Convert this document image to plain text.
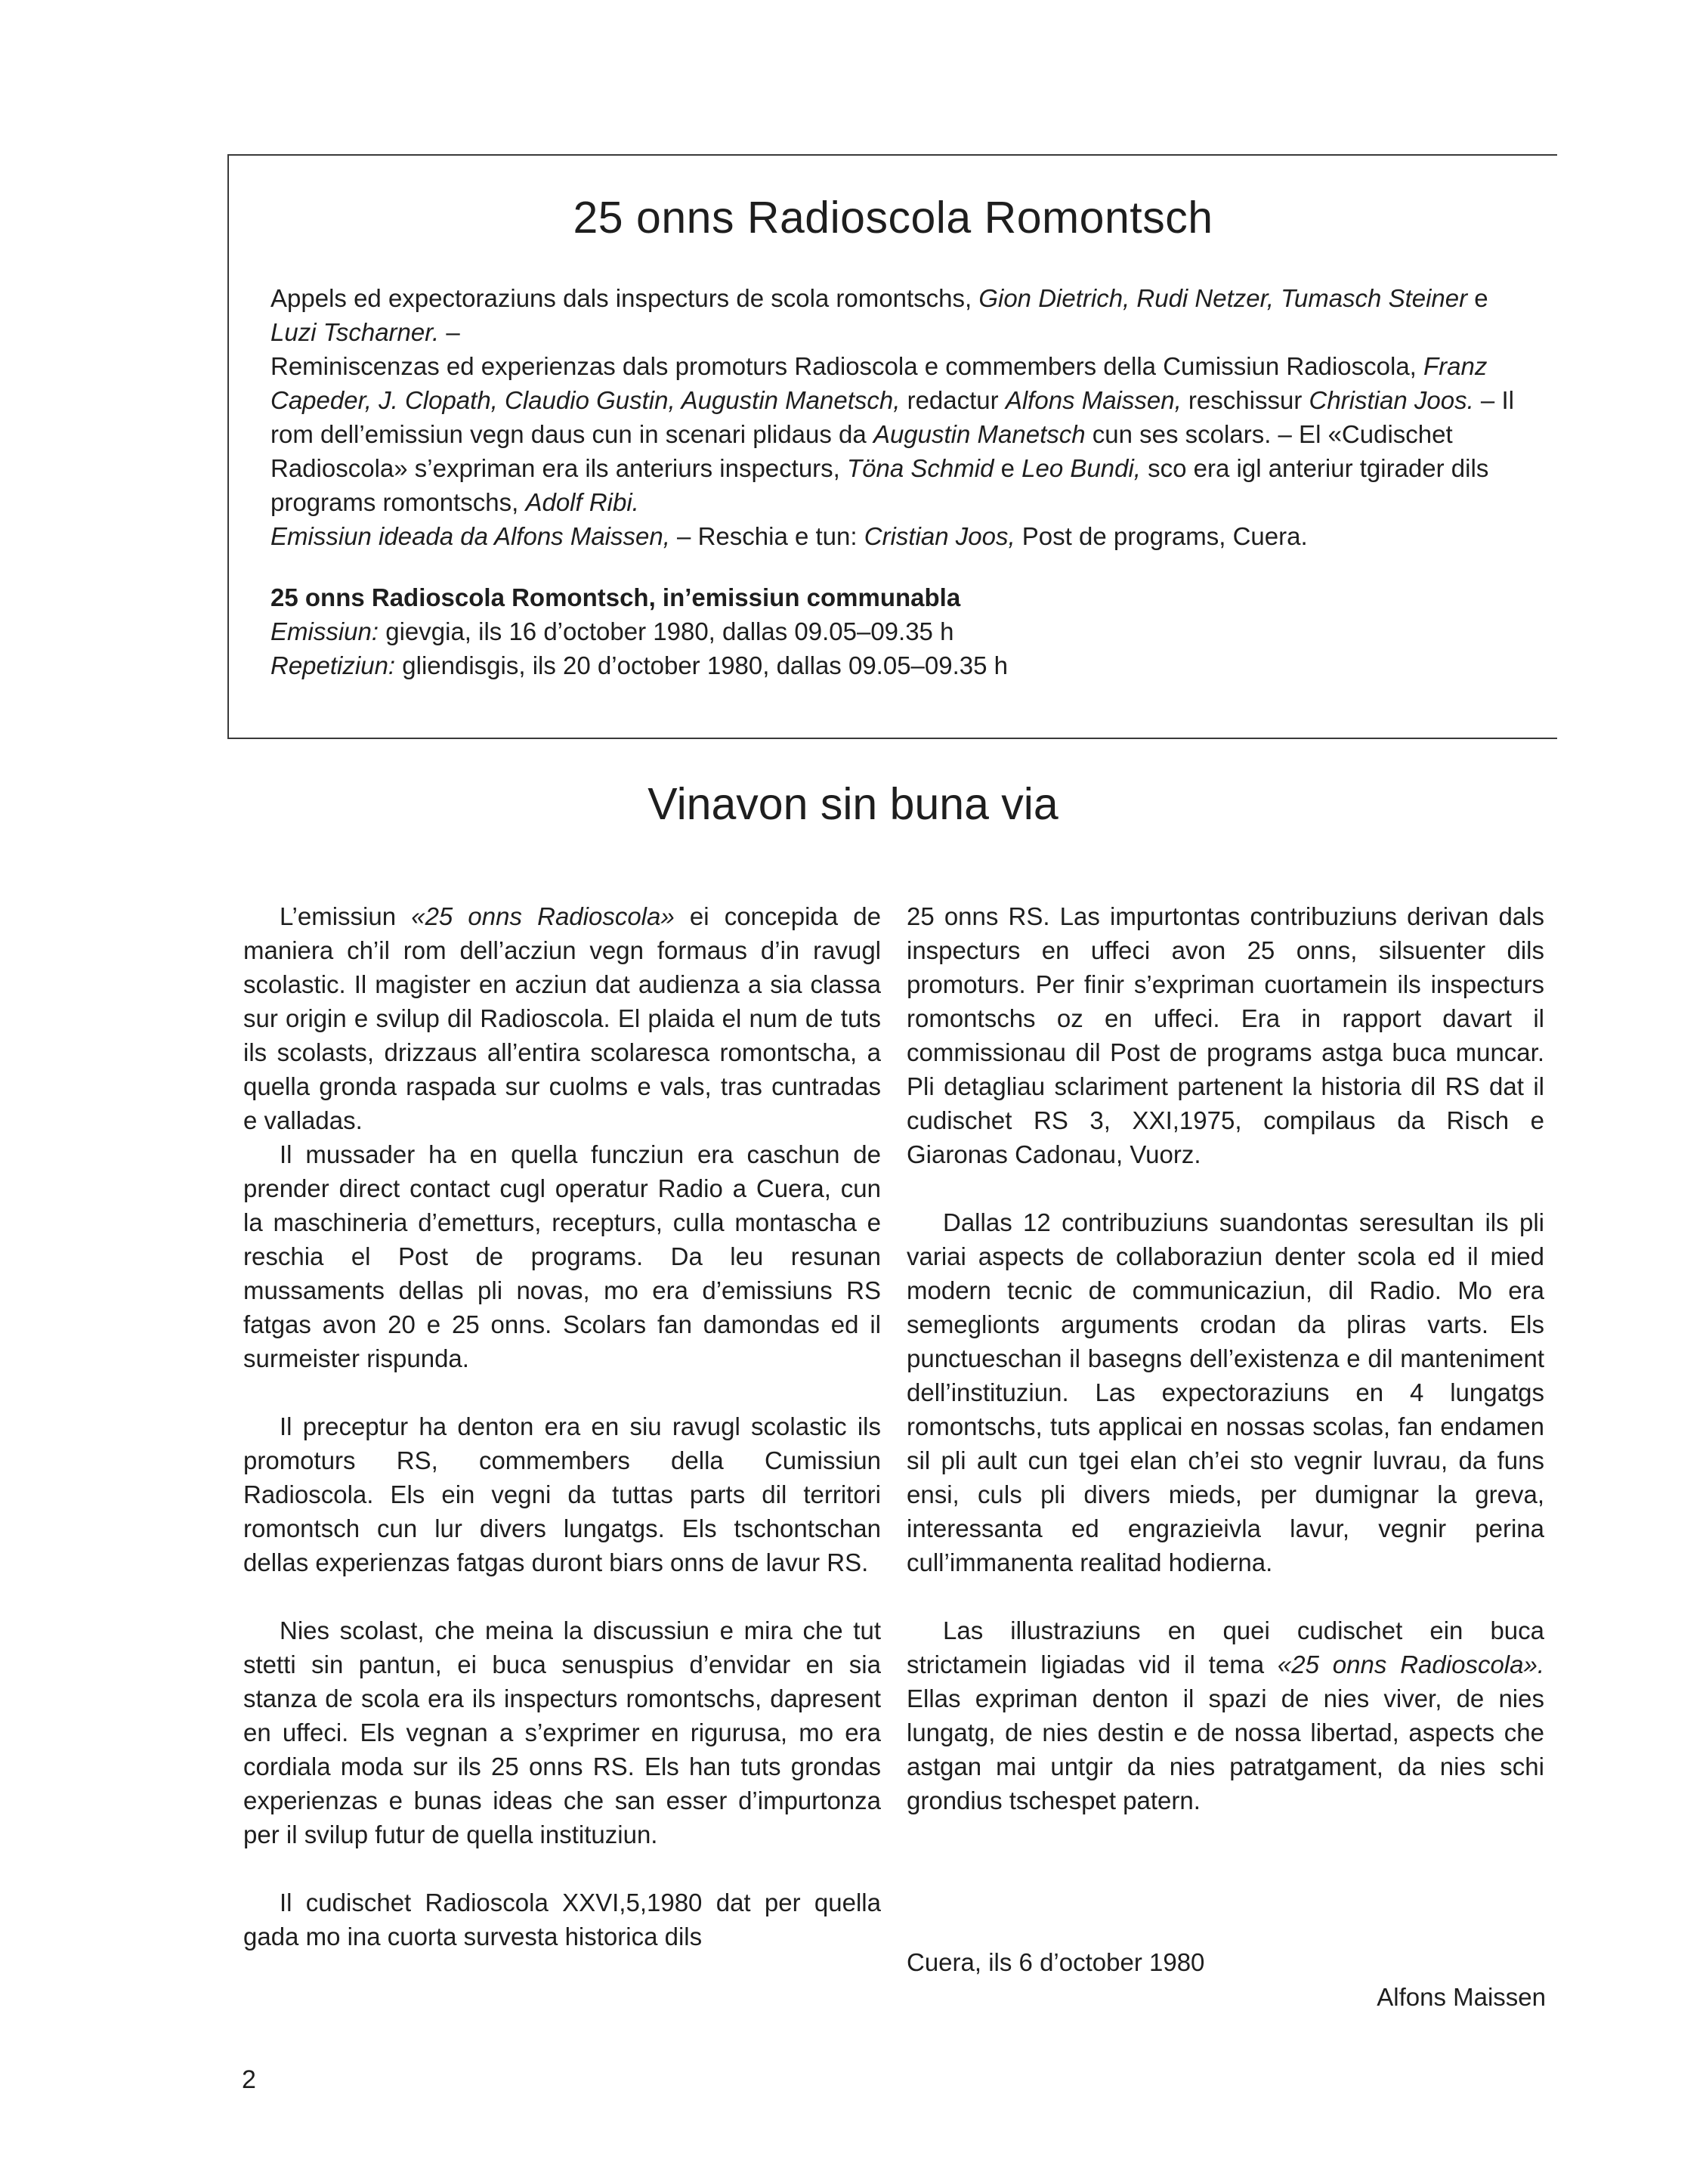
25 onns Radioscola Romontsch

Appels ed expectoraziuns dals inspecturs de scola romontschs, Gion Dietrich, Rudi Netzer, Tumasch Steiner e Luzi Tscharner. –
Reminiscenzas ed experienzas dals promoturs Radioscola e commembers della Cumissiun Radioscola, Franz Capeder, J. Clopath, Claudio Gustin, Augustin Manetsch, redactur Alfons Maissen, reschissur Christian Joos. – Il rom dell’emissiun vegn daus cun in scenari plidaus da Augustin Manetsch cun ses scolars. – El «Cudischet Radioscola» s’expriman era ils anteriurs inspecturs, Töna Schmid e Leo Bundi, sco era igl anteriur tgirader dils programs romontschs, Adolf Ribi.
Emissiun ideada da Alfons Maissen, – Reschia e tun: Cristian Joos, Post de programs, Cuera.

25 onns Radioscola Romontsch, in’emissiun communabla

Emissiun: gievgia, ils 16 d’october 1980, dallas 09.05–09.35 h

Repetiziun: gliendisgis, ils 20 d’october 1980, dallas 09.05–09.35 h

Vinavon sin buna via

L’emissiun «25 onns Radioscola» ei concepida de maniera ch’il rom dell’acziun vegn formaus d’in ravugl scolastic. Il magister en acziun dat audienza a sia classa sur origin e svilup dil Radioscola. El plaida el num de tuts ils scolasts, drizzaus all’entira scolaresca romontscha, a quella gronda raspada sur cuolms e vals, tras cuntradas e valladas.

Il mussader ha en quella funcziun era caschun de prender direct contact cugl operatur Radio a Cuera, cun la maschineria d’emetturs, recepturs, culla montascha e reschia el Post de programs. Da leu resunan mussaments dellas pli novas, mo era d’emissiuns RS fatgas avon 20 e 25 onns. Scolars fan damondas ed il surmeister rispunda.

Il preceptur ha denton era en siu ravugl scolastic ils promoturs RS, commembers della Cumissiun Radioscola. Els ein vegni da tuttas parts dil territori romontsch cun lur divers lungatgs. Els tschontschan dellas experienzas fatgas duront biars onns de lavur RS.

Nies scolast, che meina la discussiun e mira che tut stetti sin pantun, ei buca senuspius d’envidar en sia stanza de scola era ils inspecturs romontschs, dapresent en uffeci. Els vegnan a s’exprimer en rigurusa, mo era cordiala moda sur ils 25 onns RS. Els han tuts grondas experienzas e bunas ideas che san esser d’impurtonza per il svilup futur de quella instituziun.

Il cudischet Radioscola XXVI,5,1980 dat per quella gada mo ina cuorta survesta historica dils

25 onns RS. Las impurtontas contribuziuns derivan dals inspecturs en uffeci avon 25 onns, silsuenter dils promoturs. Per finir s’expriman cuortamein ils inspecturs romontschs oz en uffeci. Era in rapport davart il commissionau dil Post de programs astga buca muncar. Pli detagliau sclariment partenent la historia dil RS dat il cudischet RS 3, XXI,1975, compilaus da Risch e Giaronas Cadonau, Vuorz.

Dallas 12 contribuziuns suandontas seresultan ils pli variai aspects de collaboraziun denter scola ed il mied modern tecnic de communicaziun, dil Radio. Mo era semeglionts arguments crodan da pliras varts. Els punctueschan il basegns dell’existenza e dil manteniment dell’instituziun. Las expectoraziuns en 4 lungatgs romontschs, tuts applicai en nossas scolas, fan endamen sil pli ault cun tgei elan ch’ei sto vegnir luvrau, da funs ensi, culs pli divers mieds, per dumignar la greva, interessanta ed engrazieivla lavur, vegnir perina cull’immanenta realitad hodierna.

Las illustraziuns en quei cudischet ein buca strictamein ligiadas vid il tema «25 onns Radioscola». Ellas expriman denton il spazi de nies viver, de nies lungatg, de nies destin e de nossa libertad, aspects che astgan mai untgir da nies patratgament, da nies schi grondius tschespet patern.

Cuera, ils 6 d’october 1980
Alfons Maissen
2
